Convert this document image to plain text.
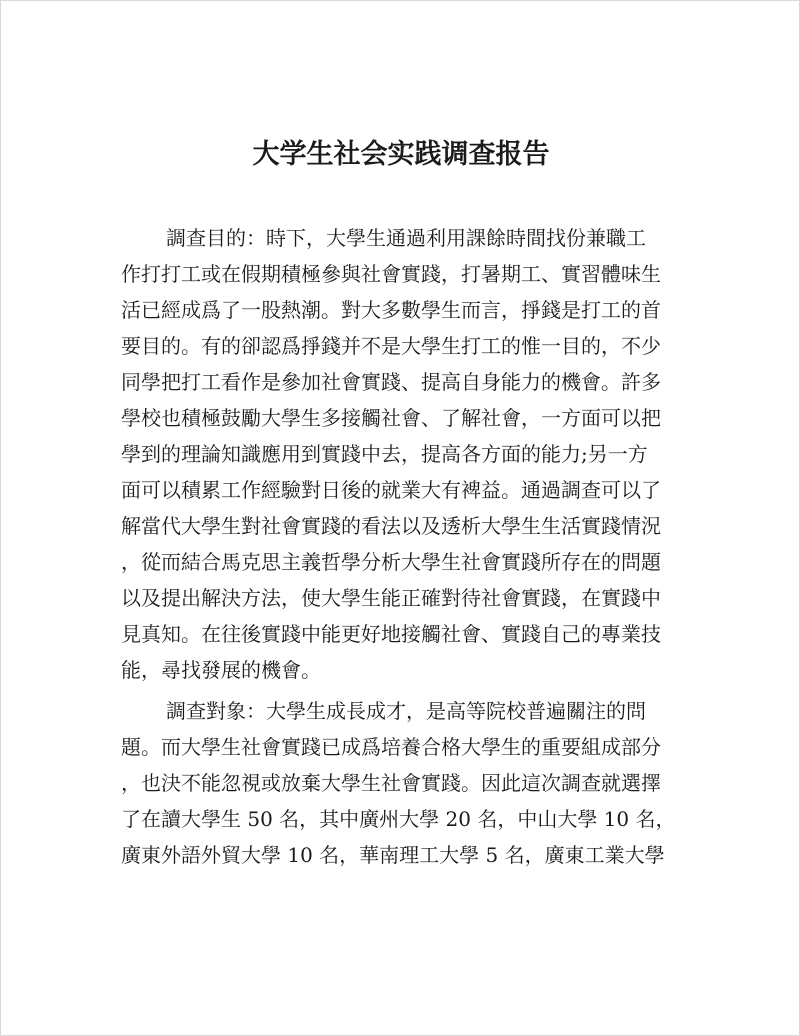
大学生社会实践调查报告
調查目的：時下，大學生通過利用課餘時間找份兼職工
作打打工或在假期積極參與社會實踐，打暑期工、實習體味生
活已經成爲了一股熱潮。對大多數學生而言，掙錢是打工的首
要目的。有的卻認爲掙錢并不是大學生打工的惟一目的，不少
同學把打工看作是參加社會實踐、提高自身能力的機會。許多
學校也積極鼓勵大學生多接觸社會、了解社會，一方面可以把
學到的理論知識應用到實踐中去，提高各方面的能力;另一方
面可以積累工作經驗對日後的就業大有裨益。通過調查可以了
解當代大學生對社會實踐的看法以及透析大學生生活實踐情況
，從而結合馬克思主義哲學分析大學生社會實踐所存在的問題
以及提出解決方法，使大學生能正確對待社會實踐，在實踐中
見真知。在往後實踐中能更好地接觸社會、實踐自己的專業技
能，尋找發展的機會。
調查對象：大學生成長成才，是高等院校普遍關注的問
題。而大學生社會實踐已成爲培養合格大學生的重要組成部分
，也決不能忽視或放棄大學生社會實踐。因此這次調查就選擇
了在讀大學生 50 名，其中廣州大學 20 名，中山大學 10 名，
廣東外語外貿大學 10 名，華南理工大學 5 名，廣東工業大學
